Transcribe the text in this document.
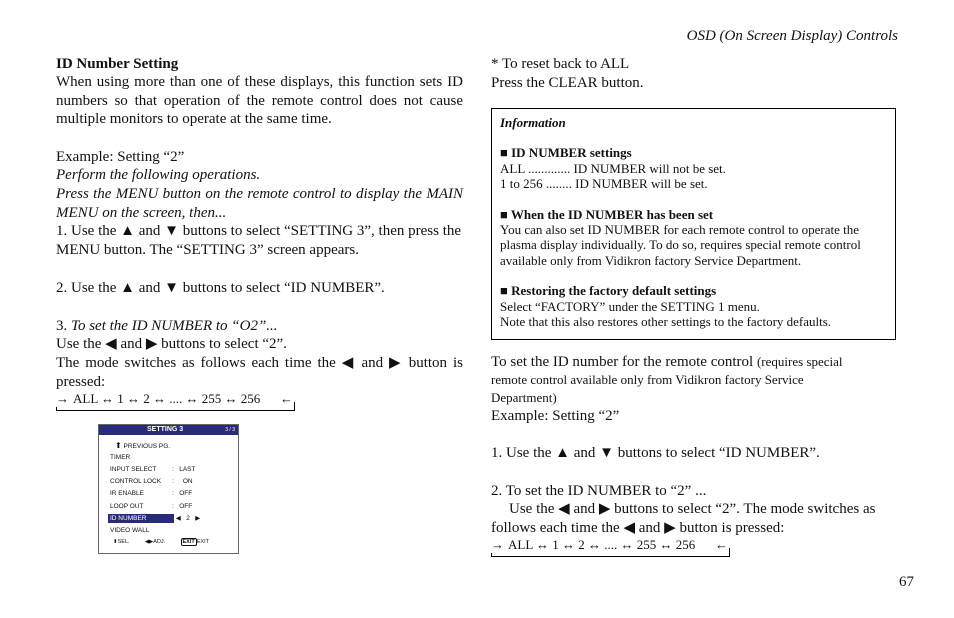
OSD (On Screen Display) Controls
ID Number Setting
When using more than one of these displays, this function sets ID numbers so that operation of the remote control does not cause multiple monitors to operate at the same time.
Example: Setting “2”
Perform the following operations.
Press the MENU button on the remote control to display the MAIN MENU on the screen, then...
1. Use the ▲ and ▼ buttons to select “SETTING 3”, then press the MENU button. The “SETTING 3” screen appears.
2. Use the ▲ and ▼ buttons to select “ID NUMBER”.
3. To set the ID NUMBER to “O2”...
Use the ◀ and ▶ buttons to select “2”.
The mode switches as follows each time the ◀ and ▶ button is pressed:
→ ALL ↔ 1 ↔ 2 ↔ .... ↔ 255 ↔ 256 ←
SETTING 3	3 / 3
⬆ PREVIOUS PG.
TIMER
INPUT SELECT : LAST
CONTROL LOCK : ON
IR ENABLE	: OFF
LOOP OUT	: OFF
ID NUMBER	◀ 2 ▶
VIDEO WALL
⬍SEL.	◀▶ADJ.	EXIT EXIT
* To reset back to ALL
Press the CLEAR button.
Information
■ ID NUMBER settings
ALL ............. ID NUMBER will not be set.
1 to 256 ........ ID NUMBER will be set.
■ When the ID NUMBER has been set
You can also set ID NUMBER for each remote control to operate the plasma display individually. To do so, requires special remote control available only from Vidikron factory Service Department.
■ Restoring the factory default settings
Select “FACTORY” under the SETTING 1 menu.
Note that this also restores other settings to the factory defaults.
To set the ID number for the remote control (requires special remote control available only from Vidikron factory Service Department)
Example: Setting “2”
1. Use the ▲ and ▼ buttons to select “ID NUMBER”.
2. To set the ID NUMBER to “2” ...
Use the ◀ and ▶ buttons to select “2”. The mode switches as follows each time the ◀ and ▶ button is pressed:
→ ALL ↔ 1 ↔ 2 ↔ .... ↔ 255 ↔ 256 ←
67
